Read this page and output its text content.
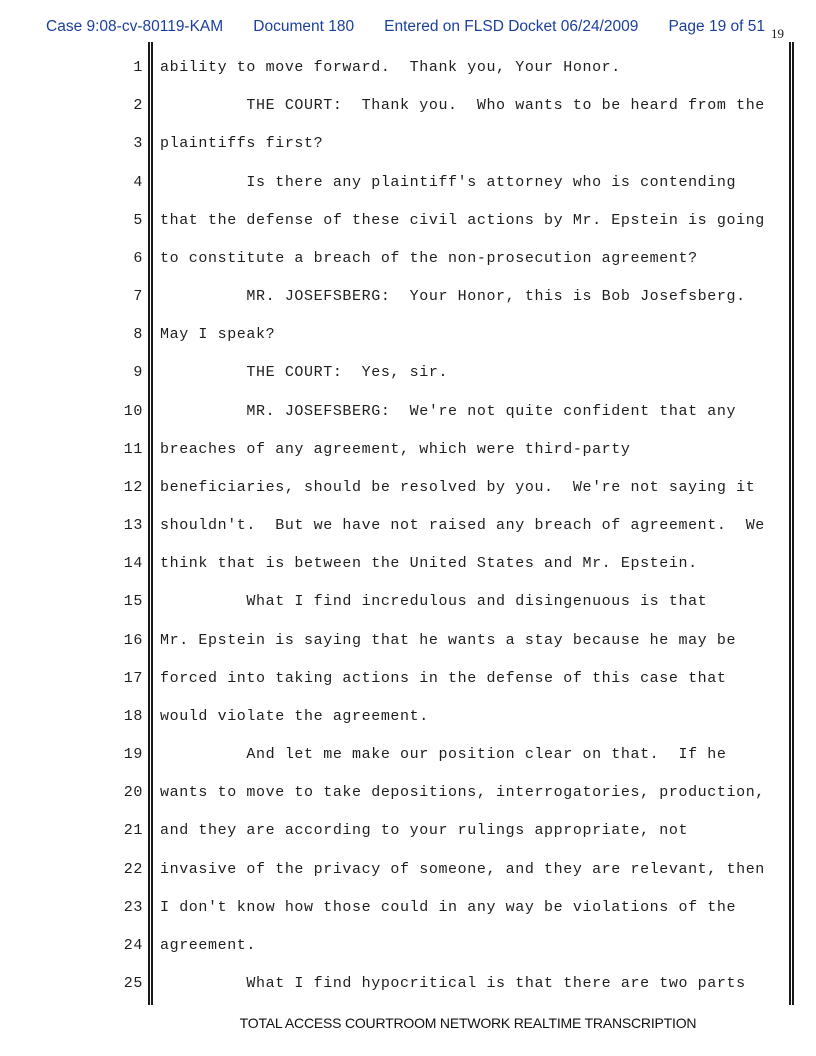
Case 9:08-cv-80119-KAM Document 180 Entered on FLSD Docket 06/24/2009 Page 19 of 51 19
1 ability to move forward.  Thank you, Your Honor.
2 THE COURT:  Thank you.  Who wants to be heard from the
3 plaintiffs first?
4 Is there any plaintiff's attorney who is contending
5 that the defense of these civil actions by Mr. Epstein is going
6 to constitute a breach of the non-prosecution agreement?
7 MR. JOSEFSBERG:  Your Honor, this is Bob Josefsberg.
8 May I speak?
9 THE COURT:  Yes, sir.
10 MR. JOSEFSBERG:  We're not quite confident that any
11 breaches of any agreement, which were third-party
12 beneficiaries, should be resolved by you.  We're not saying it
13 shouldn't.  But we have not raised any breach of agreement.  We
14 think that is between the United States and Mr. Epstein.
15 What I find incredulous and disingenuous is that
16 Mr. Epstein is saying that he wants a stay because he may be
17 forced into taking actions in the defense of this case that
18 would violate the agreement.
19 And let me make our position clear on that.  If he
20 wants to move to take depositions, interrogatories, production,
21 and they are according to your rulings appropriate, not
22 invasive of the privacy of someone, and they are relevant, then
23 I don't know how those could in any way be violations of the
24 agreement.
25 What I find hypocritical is that there are two parts
TOTAL ACCESS COURTROOM NETWORK REALTIME TRANSCRIPTION
